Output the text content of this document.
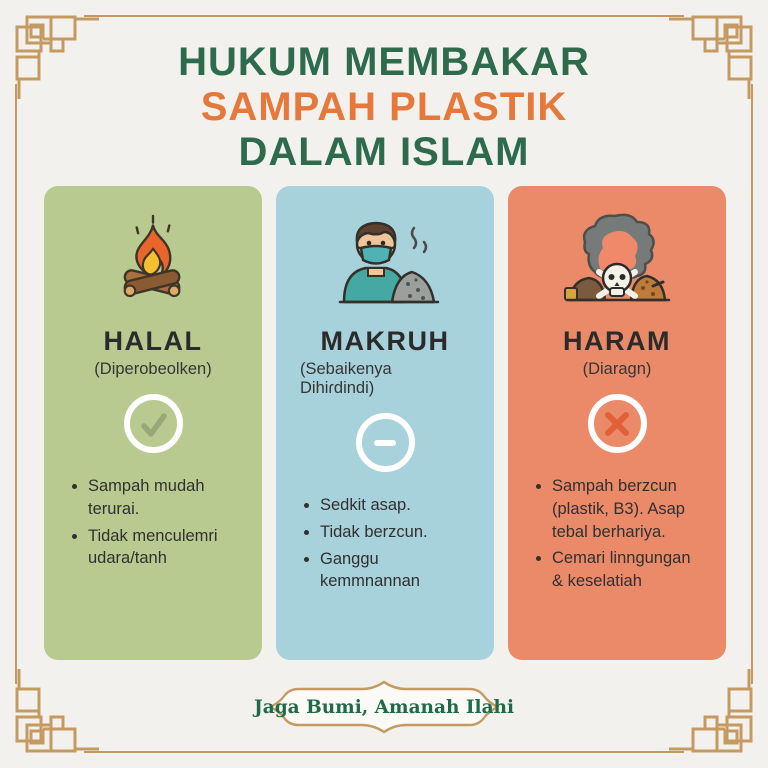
HUKUM MEMBAKAR
SAMPAH PLASTIK
DALAM ISLAM
HALAL

(Diperobeolken)

• Sampah mudah terurai.
• Tidak menculemri udara/tanh
MAKRUH

(Sebaikenya Dihiɾdindi)

• Sedkit asap.
• Tidak berzcun.
• Ganggu kemmnannan
HARAM

(Diaragn)

• Sampah berzcun (plastik, B3). Asap tebal berhariya.
• Cemari linngungan & keselatiah
Jaga Bumi, Amanah Ilahi
